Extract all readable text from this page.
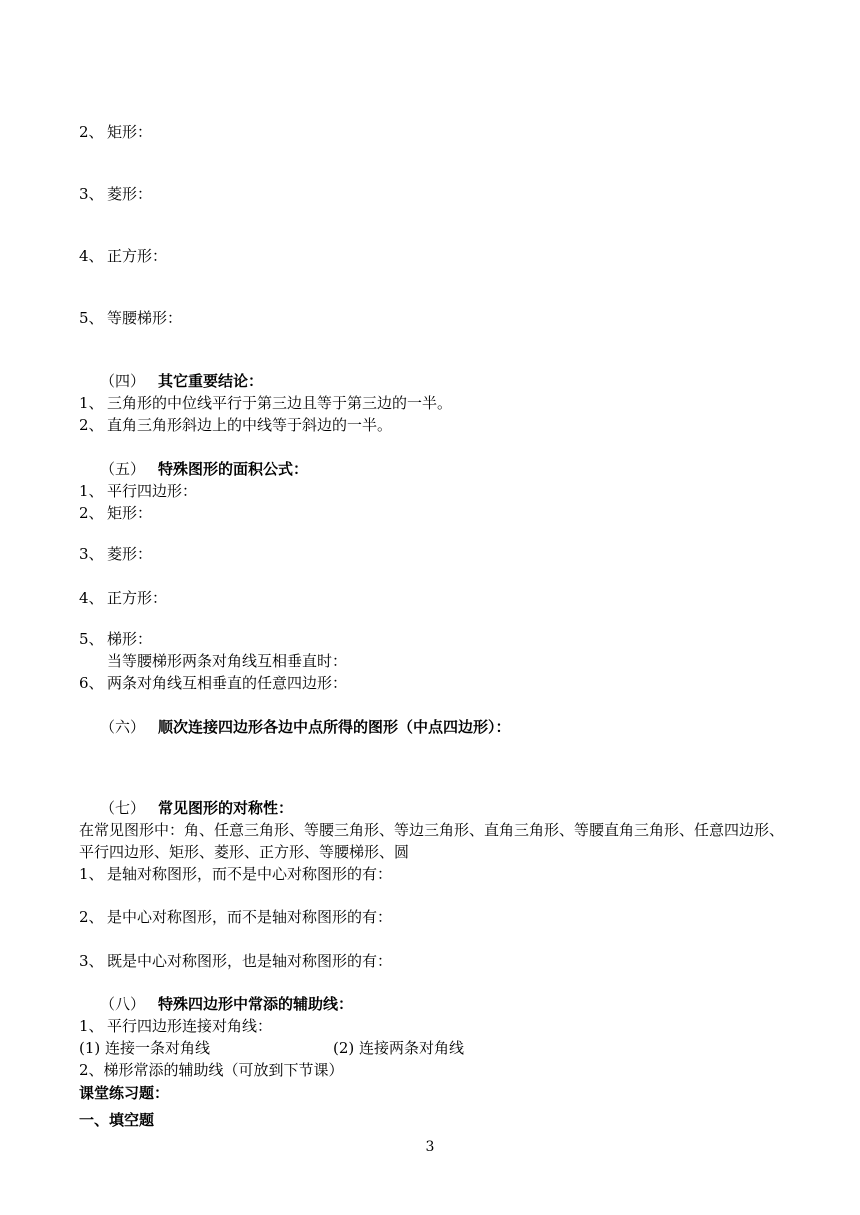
2、 矩形：
3、 菱形：
4、 正方形：
5、 等腰梯形：
（四） 其它重要结论：
1、 三角形的中位线平行于第三边且等于第三边的一半。
2、 直角三角形斜边上的中线等于斜边的一半。
（五） 特殊图形的面积公式：
1、 平行四边形：
2、 矩形：
3、 菱形：
4、 正方形：
5、 梯形：
当等腰梯形两条对角线互相垂直时：
6、 两条对角线互相垂直的任意四边形：
（六） 顺次连接四边形各边中点所得的图形（中点四边形）：
（七） 常见图形的对称性：
在常见图形中：角、任意三角形、等腰三角形、等边三角形、直角三角形、等腰直角三角形、任意四边形、平行四边形、矩形、菱形、正方形、等腰梯形、圆
1、 是轴对称图形，而不是中心对称图形的有：
2、 是中心对称图形，而不是轴对称图形的有：
3、 既是中心对称图形，也是轴对称图形的有：
（八） 特殊四边形中常添的辅助线：
1、 平行四边形连接对角线：
(1) 连接一条对角线	(2) 连接两条对角线
2、梯形常添的辅助线（可放到下节课）
课堂练习题：
一、填空题
3
